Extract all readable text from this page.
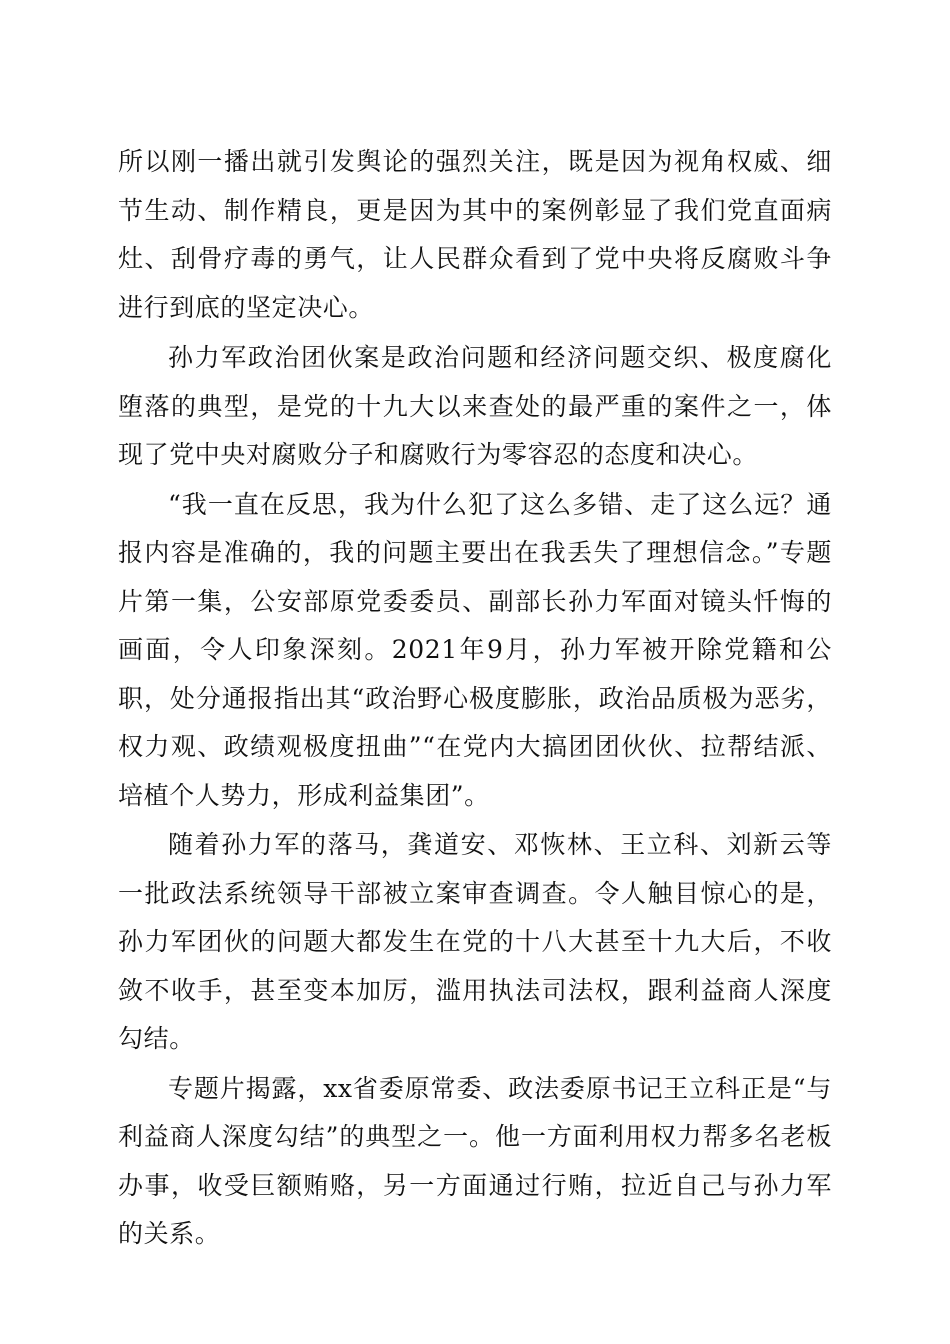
所以刚一播出就引发舆论的强烈关注，既是因为视角权威、细节生动、制作精良，更是因为其中的案例彰显了我们党直面病灶、刮骨疗毒的勇气，让人民群众看到了党中央将反腐败斗争进行到底的坚定决心。

孙力军政治团伙案是政治问题和经济问题交织、极度腐化堕落的典型，是党的十九大以来查处的最严重的案件之一，体现了党中央对腐败分子和腐败行为零容忍的态度和决心。

“我一直在反思，我为什么犯了这么多错、走了这么远？通报内容是准确的，我的问题主要出在我丢失了理想信念。”专题片第一集，公安部原党委委员、副部长孙力军面对镜头忏悔的画面，令人印象深刻。2021年9月，孙力军被开除党籍和公职，处分通报指出其“政治野心极度膨胀，政治品质极为恶劣，权力观、政绩观极度扭曲”“在党内大搞团团伙伙、拉帮结派、培植个人势力，形成利益集团”。

随着孙力军的落马，龚道安、邓恢林、王立科、刘新云等一批政法系统领导干部被立案审查调查。令人触目惊心的是，孙力军团伙的问题大都发生在党的十八大甚至十九大后，不收敛不收手，甚至变本加厉，滥用执法司法权，跟利益商人深度勾结。

专题片揭露，xx省委原常委、政法委原书记王立科正是“与利益商人深度勾结”的典型之一。他一方面利用权力帮多名老板办事，收受巨额贿赂，另一方面通过行贿，拉近自己与孙力军的关系。
